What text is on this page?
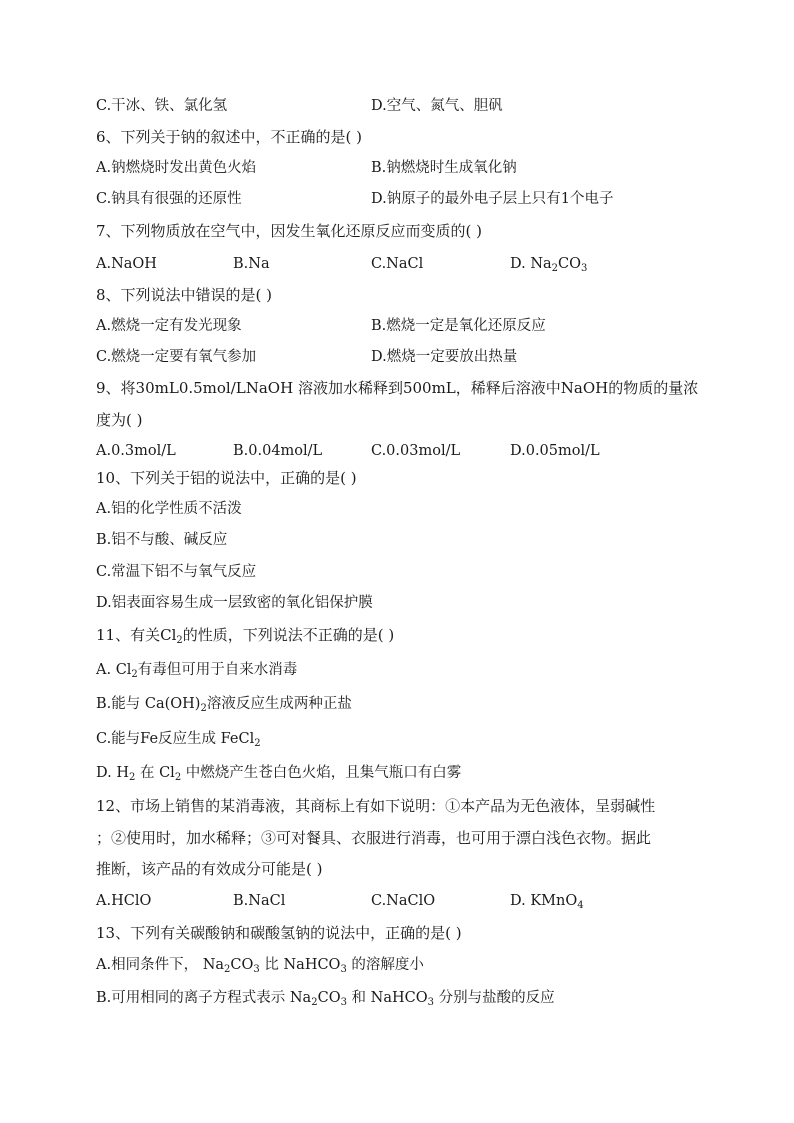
C.干冰、铁、氯化氢	D.空气、氮气、胆矾
6、下列关于钠的叙述中，不正确的是( )
A.钠燃烧时发出黄色火焰	B.钠燃烧时生成氧化钠
C.钠具有很强的还原性	D.钠原子的最外电子层上只有1个电子
7、下列物质放在空气中，因发生氧化还原反应而变质的( )
A.NaOH	B.Na	C.NaCl	D. $Na_2CO_3$
8、下列说法中错误的是( )
A.燃烧一定有发光现象	B.燃烧一定是氧化还原反应
C.燃烧一定要有氧气参加	D.燃烧一定要放出热量
9、将30mL0.5mol/LNaOH 溶液加水稀释到500mL，稀释后溶液中NaOH的物质的量浓
度为( )
A.0.3mol/L	B.0.04mol/L	C.0.03mol/L	D.0.05mol/L
10、下列关于铝的说法中，正确的是( )
A.铝的化学性质不活泼
B.铝不与酸、碱反应
C.常温下铝不与氧气反应
D.铝表面容易生成一层致密的氧化铝保护膜
11、有关$Cl_2$的性质，下列说法不正确的是( )
A. $Cl_2$有毒但可用于自来水消毒
B.能与 $Ca(OH)_2$溶液反应生成两种正盐
C.能与Fe反应生成 FeCl$_2$
D. $H_2$ 在 $Cl_2$ 中燃烧产生苍白色火焰，且集气瓶口有白雾
12、市场上销售的某消毒液，其商标上有如下说明：①本产品为无色液体，呈弱碱性
；②使用时，加水稀释；③可对餐具、衣服进行消毒，也可用于漂白浅色衣物。据此
推断，该产品的有效成分可能是( )
A.HClO	B.NaCl	C.NaClO	D. KMnO$_4$
13、下列有关碳酸钠和碳酸氢钠的说法中，正确的是( )
A.相同条件下， $Na_2CO_3$ 比 NaHCO$_3$ 的溶解度小
B.可用相同的离子方程式表示 $Na_2CO_3$ 和 NaHCO$_3$ 分别与盐酸的反应
